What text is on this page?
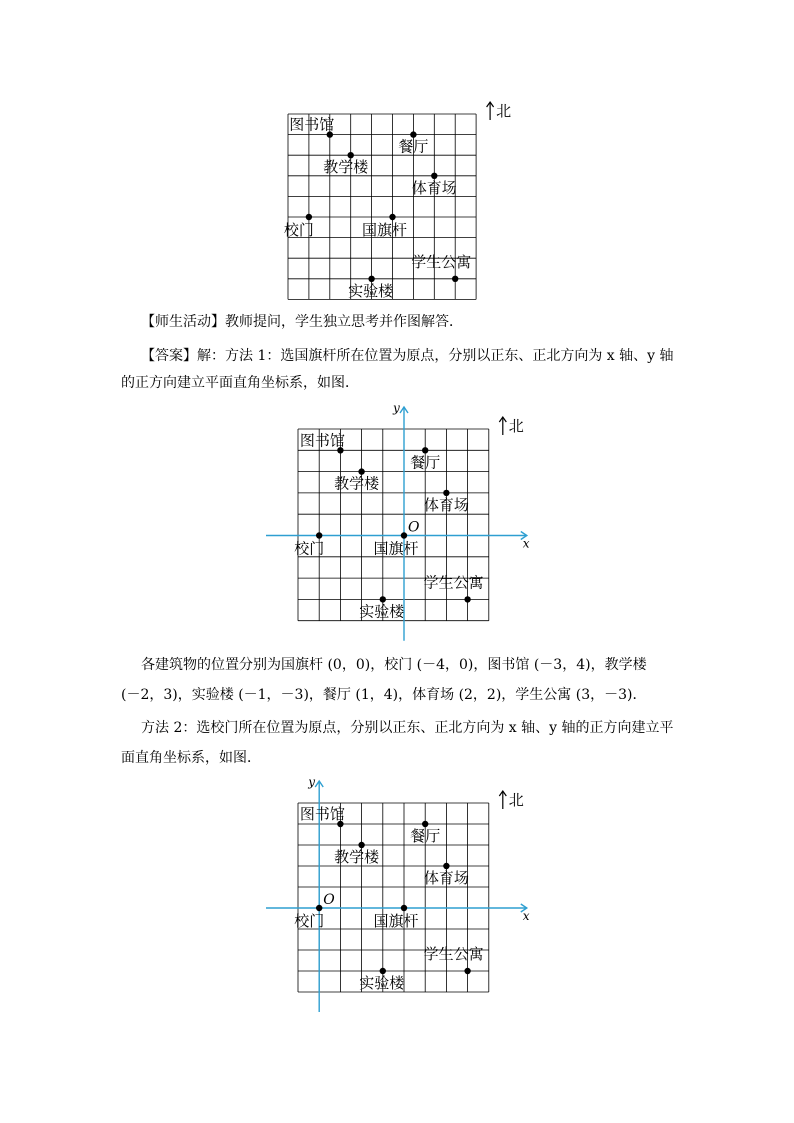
北
图书馆
餐厅
教学楼
体育场
校门	国旗杆
学生公寓
实验楼
x
y
O
北
图书馆
餐厅
教学楼
体育场
校门	国旗杆
学生公寓
实验楼
x
y
O
北
图书馆
餐厅
教学楼
体育场
校门	国旗杆
学生公寓
实验楼
【师生活动】教师提问，学生独立思考并作图解答．
【答案】解：方法 1：选国旗杆所在位置为原点，分别以正东、正北方向为 x 轴、y 轴
的正方向建立平面直角坐标系，如图．
各建筑物的位置分别为国旗杆 (0，0)，校门 (－4，0)，图书馆 (－3，4)，教学楼
(－2，3)，实验楼 (－1，－3)，餐厅 (1，4)，体育场 (2，2)，学生公寓 (3，－3)．
方法 2：选校门所在位置为原点，分别以正东、正北方向为 x 轴、y 轴的正方向建立平
面直角坐标系，如图．
